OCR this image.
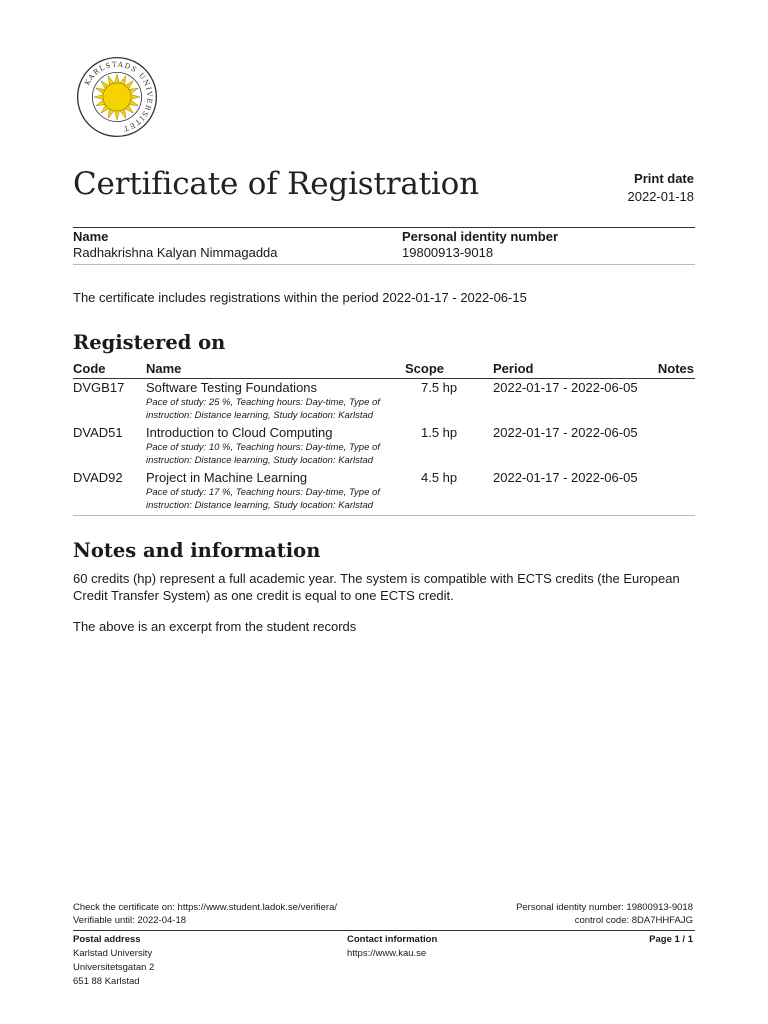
KARLSTADS UNIVERSITET
Certificate of Registration	Print date
2022-01-18
Name
Radhakrishna Kalyan Nimmagadda
Personal identity number
19800913-9018
The certificate includes registrations within the period 2022-01-17 - 2022-06-15
Registered on
Code	Name	Scope	Period	Notes
DVGB17 Software Testing Foundations	7.5 hp	2022-01-17 - 2022-06-05
Pace of study: 25 %, Teaching hours: Day-time, Type of
instruction: Distance learning, Study location: Karlstad
DVAD51 Introduction to Cloud Computing	1.5 hp	2022-01-17 - 2022-06-05
Pace of study: 10 %, Teaching hours: Day-time, Type of
instruction: Distance learning, Study location: Karlstad
DVAD92 Project in Machine Learning	4.5 hp	2022-01-17 - 2022-06-05
Pace of study: 17 %, Teaching hours: Day-time, Type of
instruction: Distance learning, Study location: Karlstad
Notes and information
60 credits (hp) represent a full academic year. The system is compatible with ECTS credits (the European
Credit Transfer System) as one credit is equal to one ECTS credit.
The above is an excerpt from the student records
Check the certificate on: https://www.student.ladok.se/verifiera/
Verifiable until: 2022-04-18
Personal identity number: 19800913-9018
control code: 8DA7HHFAJG
Postal address
Karlstad University
Universitetsgatan 2
651 88 Karlstad
Contact information
https://www.kau.se
Page 1 / 1
